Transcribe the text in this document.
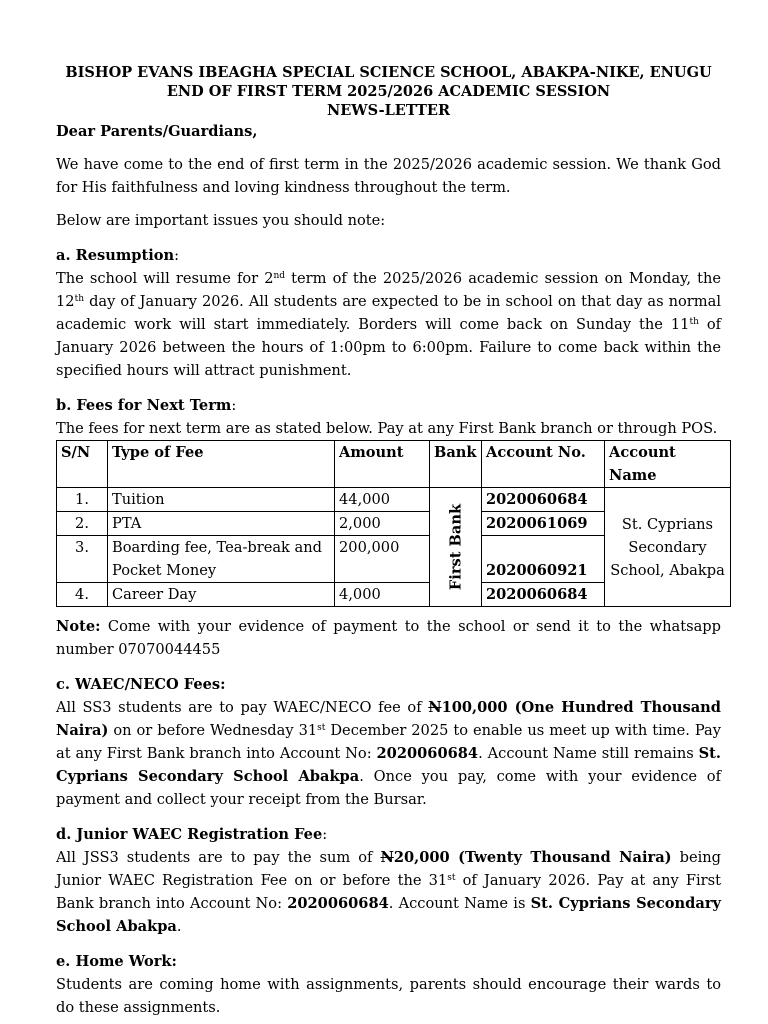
BISHOP EVANS IBEAGHA SPECIAL SCIENCE SCHOOL, ABAKPA-NIKE, ENUGU
END OF FIRST TERM 2025/2026 ACADEMIC SESSION
NEWS-LETTER

Dear Parents/Guardians,

We have come to the end of first term in the 2025/2026 academic session. We thank God for His faithfulness and loving kindness throughout the term.

Below are important issues you should note:

a. Resumption:

The school will resume for 2nd term of the 2025/2026 academic session on Monday, the 12th day of January 2026. All students are expected to be in school on that day as normal academic work will start immediately. Borders will come back on Sunday the 11th of January 2026 between the hours of 1:00pm to 6:00pm. Failure to come back within the specified hours will attract punishment.

b. Fees for Next Term:

The fees for next term are as stated below. Pay at any First Bank branch or through POS.

S/N	Type of Fee	Amount	Bank	Account No.	Account Name
1.	Tuition	44,000	First Bank	2020060684	St. Cyprians Secondary School, Abakpa
2.	PTA	2,000		2020061069	
3.	Boarding fee, Tea-break and Pocket Money	200,000		2020060921	
4.	Career Day	4,000		2020060684	

Note: Come with your evidence of payment to the school or send it to the whatsapp number 07070044455

c. WAEC/NECO Fees:

All SS3 students are to pay WAEC/NECO fee of N100,000 (One Hundred Thousand Naira) on or before Wednesday 31st December 2025 to enable us meet up with time. Pay at any First Bank branch into Account No: 2020060684. Account Name still remains St. Cyprians Secondary School Abakpa. Once you pay, come with your evidence of payment and collect your receipt from the Bursar.

d. Junior WAEC Registration Fee:

All JSS3 students are to pay the sum of N20,000 (Twenty Thousand Naira) being Junior WAEC Registration Fee on or before the 31st of January 2026. Pay at any First Bank branch into Account No: 2020060684. Account Name is St. Cyprians Secondary School Abakpa.

e. Home Work:

Students are coming home with assignments, parents should encourage their wards to do these assignments.
